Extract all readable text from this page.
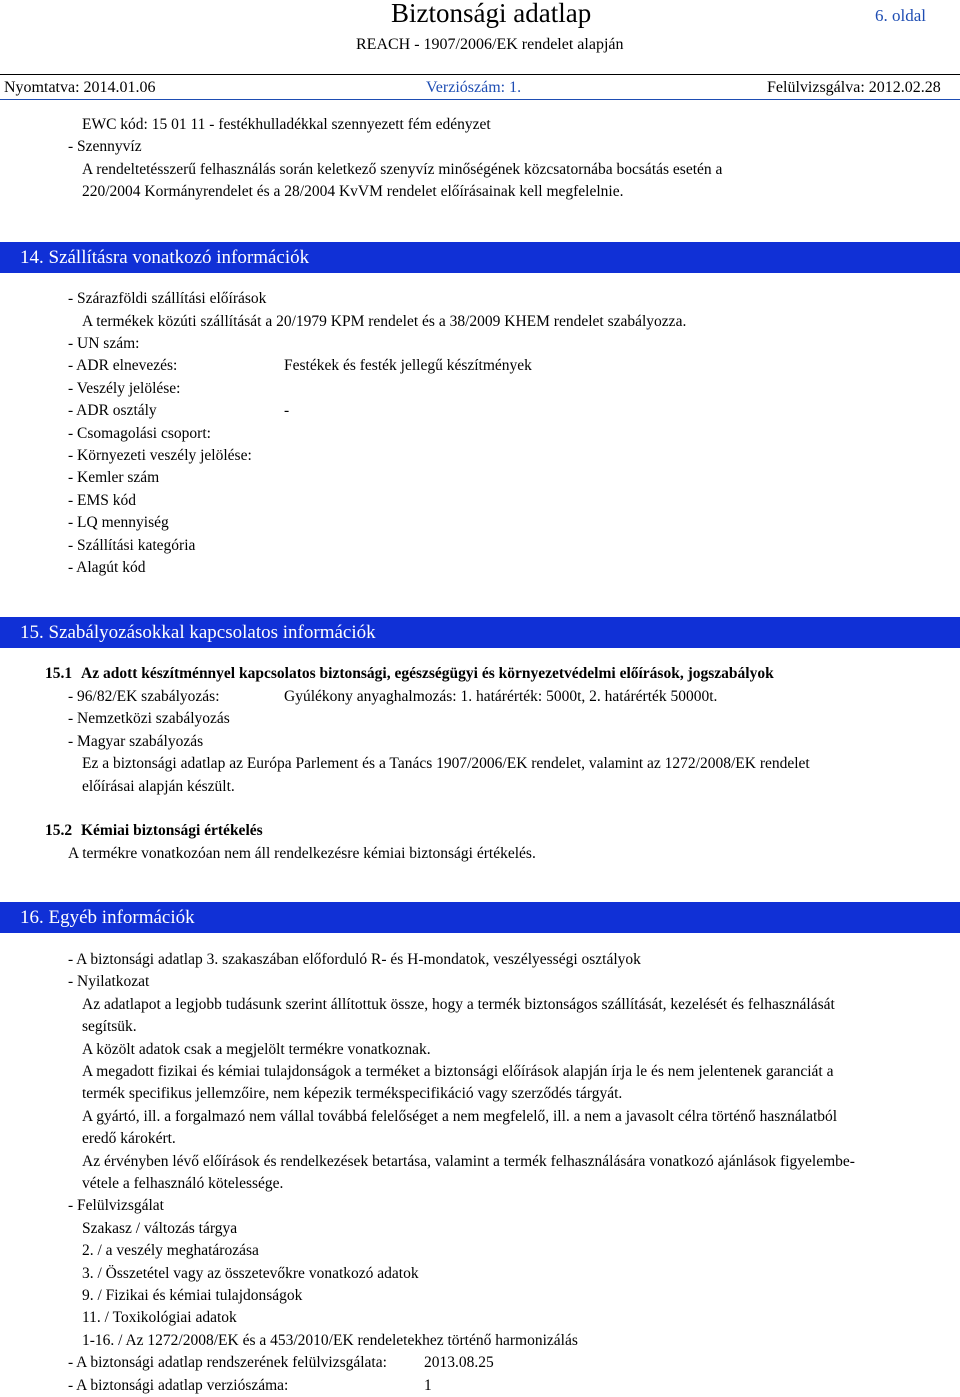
Biztonsági adatlap	6. oldal
REACH - 1907/2006/EK rendelet alapján
Nyomtatva: 2014.01.06	Verziószám: 1.	Felülvizsgálva: 2012.02.28
EWC kód: 15 01 11 - festékhulladékkal szennyezett fém edényzet
- Szennyvíz
A rendeltetésszerű felhasználás során keletkező szenyvíz minőségének közcsatornába bocsátás esetén a
220/2004 Kormányrendelet és a 28/2004 KvVM rendelet előírásainak kell megfelelnie.
14. Szállításra vonatkozó információk
- Szárazföldi szállítási előírások
A termékek közúti szállítását a 20/1979 KPM rendelet és a 38/2009 KHEM rendelet szabályozza.
- UN szám:
- ADR elnevezés:	Festékek és festék jellegű készítmények
- Veszély jelölése:
- ADR osztály	-
- Csomagolási csoport:
- Környezeti veszély jelölése:
- Kemler szám
- EMS kód
- LQ mennyiség
- Szállítási kategória
- Alagút kód
15. Szabályozásokkal kapcsolatos információk
15.1 Az adott készítménnyel kapcsolatos biztonsági, egészségügyi és környezetvédelmi előírások, jogszabályok
- 96/82/EK szabályozás:	Gyúlékony anyaghalmozás: 1. határérték: 5000t, 2. határérték 50000t.
- Nemzetközi szabályozás
- Magyar szabályozás
Ez a biztonsági adatlap az Európa Parlement és a Tanács 1907/2006/EK rendelet, valamint az 1272/2008/EK rendelet
előírásai alapján készült.
15.2 Kémiai biztonsági értékelés
A termékre vonatkozóan nem áll rendelkezésre kémiai biztonsági értékelés.
16. Egyéb információk
- A biztonsági adatlap 3. szakaszában előforduló R- és H-mondatok, veszélyességi osztályok
- Nyilatkozat
Az adatlapot a legjobb tudásunk szerint állítottuk össze, hogy a termék biztonságos szállítását, kezelését és felhasználását
segítsük.
A közölt adatok csak a megjelölt termékre vonatkoznak.
A megadott fizikai és kémiai tulajdonságok a terméket a biztonsági előírások alapján írja le és nem jelentenek garanciát a
termék specifikus jellemzőire, nem képezik termékspecifikáció vagy szerződés tárgyát.
A gyártó, ill. a forgalmazó nem vállal továbbá felelőséget a nem megfelelő, ill. a nem a javasolt célra történő használatból
eredő károkért.
Az érvényben lévő előírások és rendelkezések betartása, valamint a termék felhasználására vonatkozó ajánlások figyelembe-
vétele a felhasználó kötelessége.
- Felülvizsgálat
Szakasz / változás tárgya
2. / a veszély meghatározása
3. / Összetétel vagy az összetevőkre vonatkozó adatok
9. / Fizikai és kémiai tulajdonságok
11. / Toxikológiai adatok
1-16. / Az 1272/2008/EK és a 453/2010/EK rendeletekhez történő harmonizálás
- A biztonsági adatlap rendszerének felülvizsgálata: 2013.08.25
- A biztonsági adatlap verziószáma:	1
